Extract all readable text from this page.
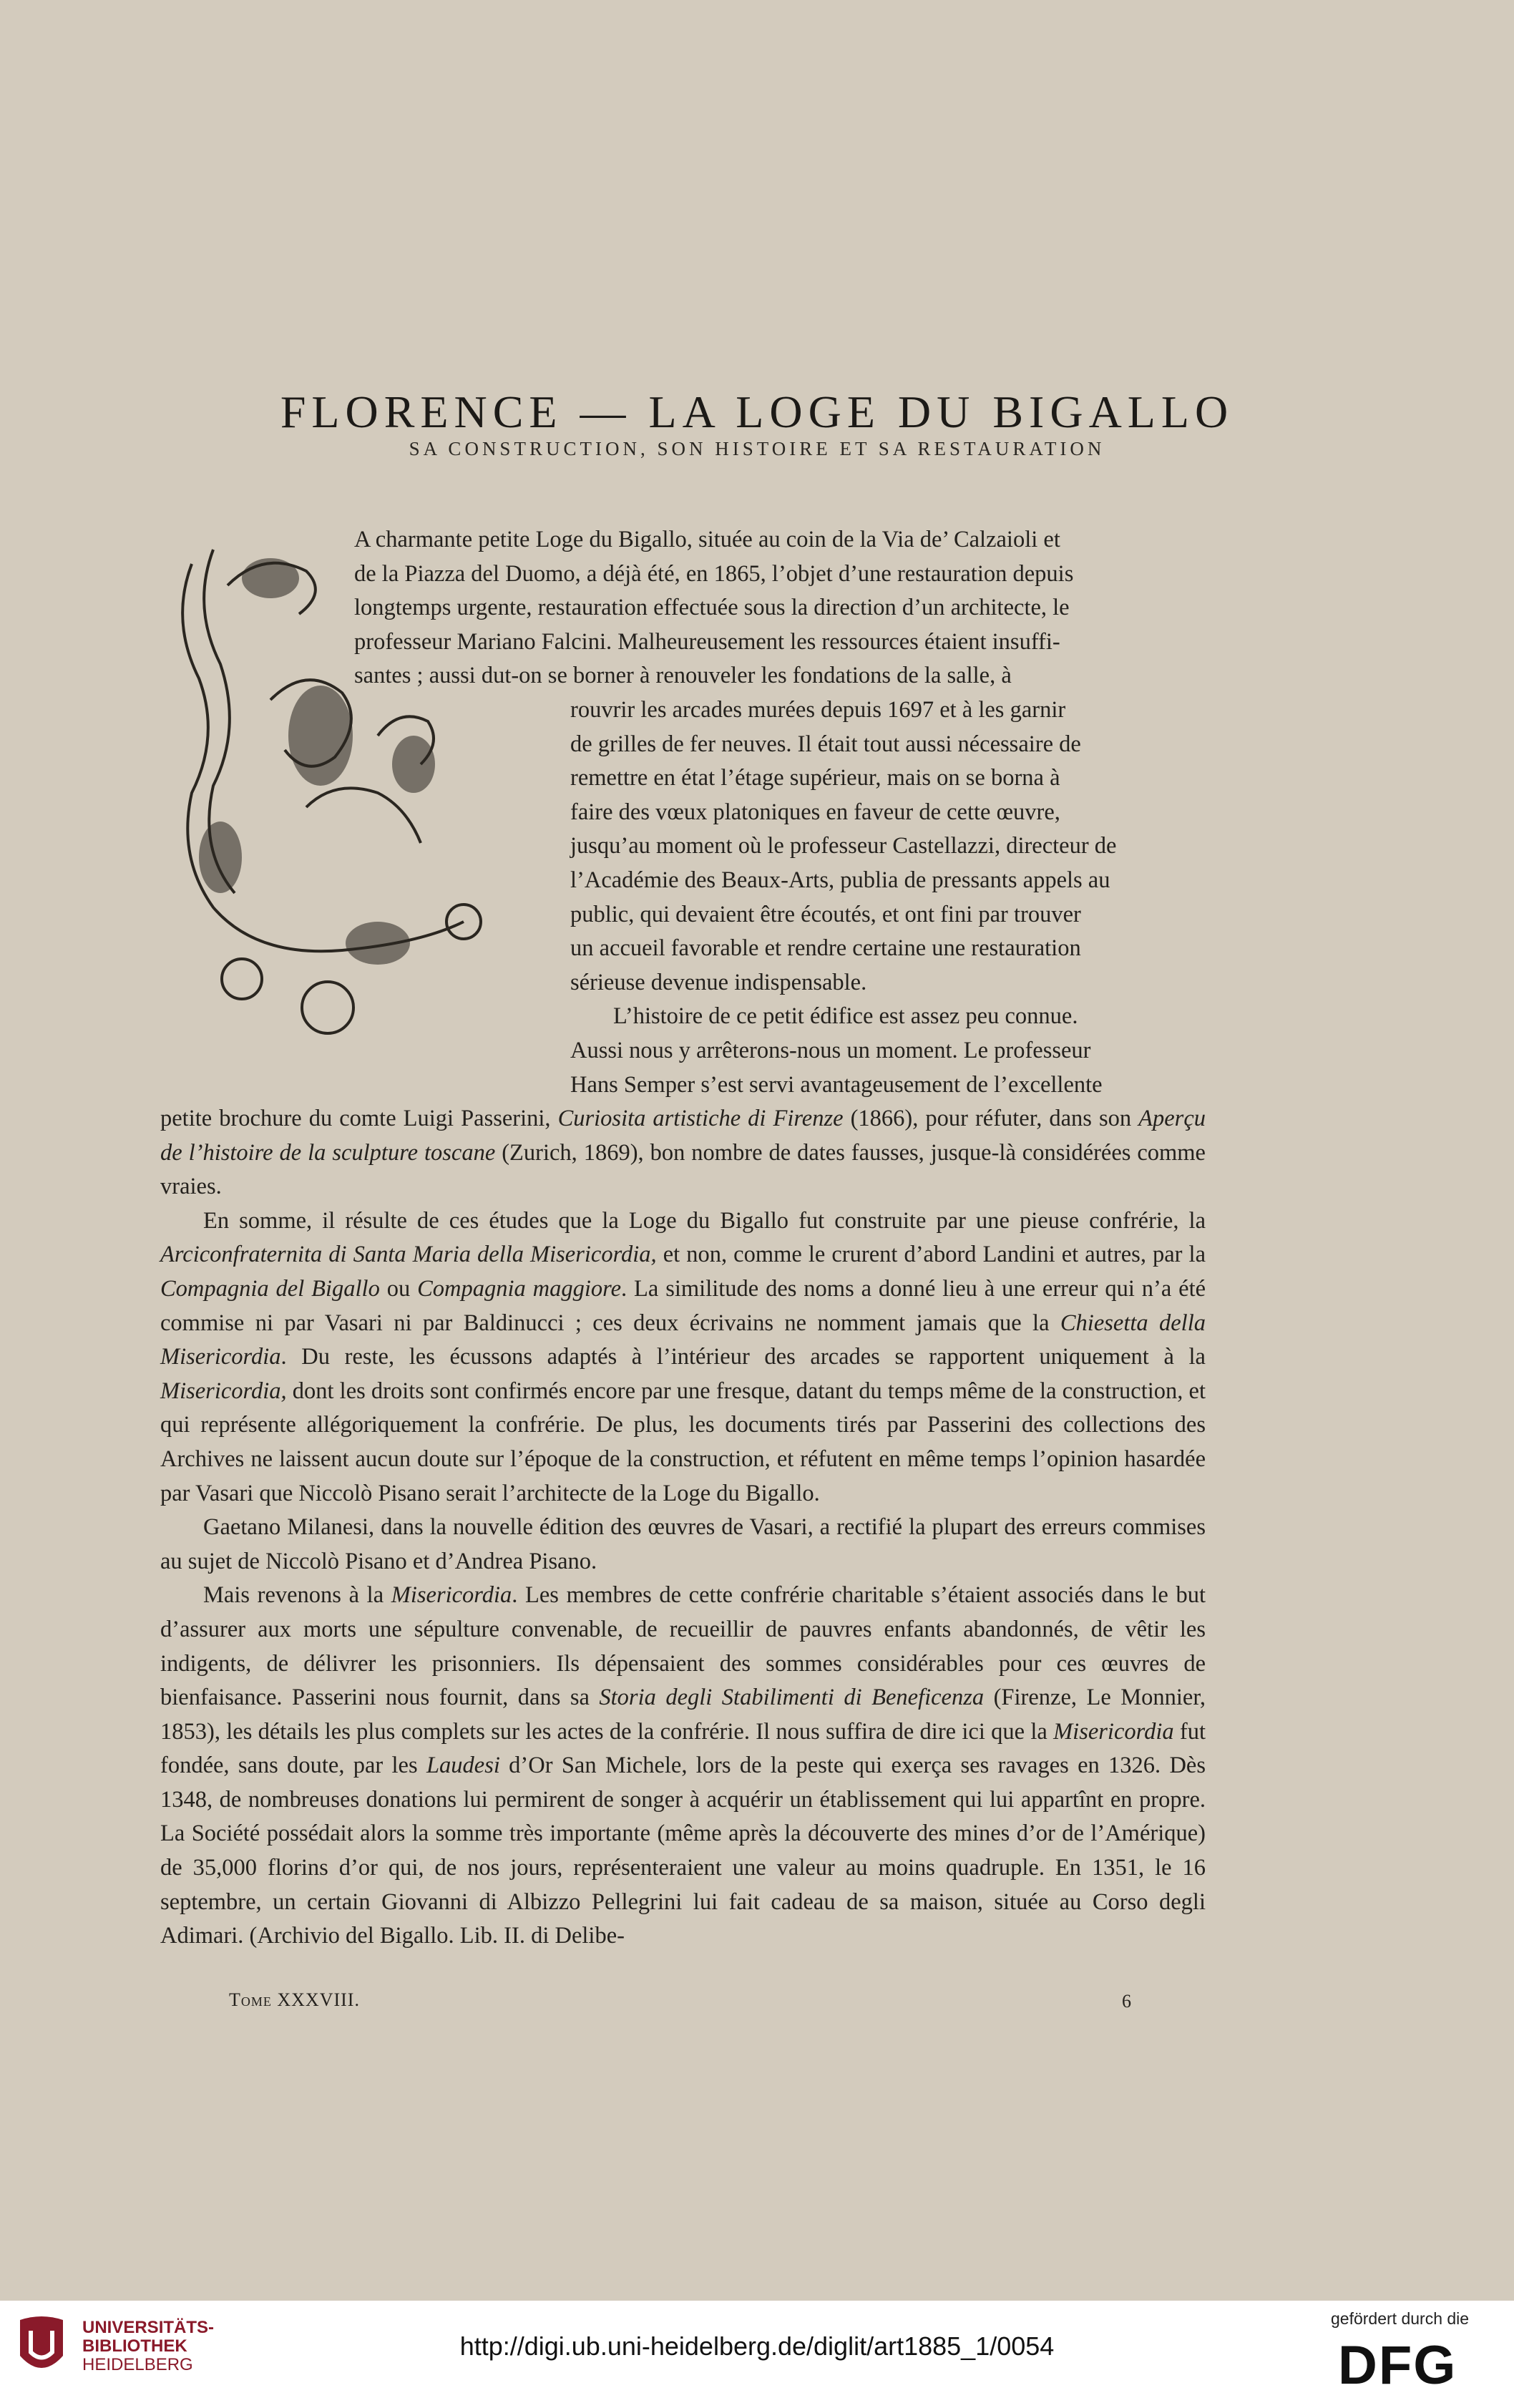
FLORENCE — LA LOGE DU BIGALLO
SA CONSTRUCTION, SON HISTOIRE ET SA RESTAURATION

A charmante petite Loge du Bigallo, située au coin de la Via de’ Calzaioli et

de la Piazza del Duomo, a déjà été, en 1865, l’objet d’une restauration depuis

longtemps urgente, restauration effectuée sous la direction d’un architecte, le

professeur Mariano Falcini. Malheureusement les ressources étaient insuffi-

santes ; aussi dut-on se borner à renouveler les fondations de la salle, à

rouvrir les arcades murées depuis 1697 et à les garnir

de grilles de fer neuves. Il était tout aussi nécessaire de

remettre en état l’étage supérieur, mais on se borna à

faire des vœux platoniques en faveur de cette œuvre,

jusqu’au moment où le professeur Castellazzi, directeur de

l’Académie des Beaux-Arts, publia de pressants appels au

public, qui devaient être écoutés, et ont fini par trouver

un accueil favorable et rendre certaine une restauration

sérieuse devenue indispensable.

L’histoire de ce petit édifice est assez peu connue.

Aussi nous y arrêterons-nous un moment. Le professeur

Hans Semper s’est servi avantageusement de l’excellente

petite brochure du comte Luigi Passerini, Curiosita artistiche di Firenze (1866), pour réfuter, dans son Aperçu de l’histoire de la sculpture toscane (Zurich, 1869), bon nombre de dates fausses, jusque-là considérées comme vraies.

En somme, il résulte de ces études que la Loge du Bigallo fut construite par une pieuse confrérie, la Arciconfraternita di Santa Maria della Misericordia, et non, comme le crurent d’abord Landini et autres, par la Compagnia del Bigallo ou Compagnia maggiore. La similitude des noms a donné lieu à une erreur qui n’a été commise ni par Vasari ni par Baldinucci ; ces deux écrivains ne nomment jamais que la Chiesetta della Misericordia. Du reste, les écussons adaptés à l’intérieur des arcades se rapportent uniquement à la Misericordia, dont les droits sont confirmés encore par une fresque, datant du temps même de la construction, et qui représente allégoriquement la confrérie. De plus, les documents tirés par Passerini des collections des Archives ne laissent aucun doute sur l’époque de la construction, et réfutent en même temps l’opinion hasardée par Vasari que Niccolò Pisano serait l’architecte de la Loge du Bigallo.

Gaetano Milanesi, dans la nouvelle édition des œuvres de Vasari, a rectifié la plupart des erreurs commises au sujet de Niccolò Pisano et d’Andrea Pisano.

Mais revenons à la Misericordia. Les membres de cette confrérie charitable s’étaient associés dans le but d’assurer aux morts une sépulture convenable, de recueillir de pauvres enfants abandonnés, de vêtir les indigents, de délivrer les prisonniers. Ils dépensaient des sommes considérables pour ces œuvres de bienfaisance. Passerini nous fournit, dans sa Storia degli Stabilimenti di Beneficenza (Firenze, Le Monnier, 1853), les détails les plus complets sur les actes de la confrérie. Il nous suffira de dire ici que la Misericordia fut fondée, sans doute, par les Laudesi d’Or San Michele, lors de la peste qui exerça ses ravages en 1326. Dès 1348, de nombreuses donations lui permirent de songer à acquérir un établissement qui lui appartînt en propre. La Société possédait alors la somme très importante (même après la découverte des mines d’or de l’Amérique) de 35,000 florins d’or qui, de nos jours, représenteraient une valeur au moins quadruple. En 1351, le 16 septembre, un certain Giovanni di Albizzo Pellegrini lui fait cadeau de sa maison, située au Corso degli Adimari. (Archivio del Bigallo. Lib. II. di Delibe-

Tome XXXVIII.	6
UNIVERSITÄTS-
BIBLIOTHEK
HEIDELBERG
http://digi.ub.uni-heidelberg.de/diglit/art1885_1/0054
gefördert durch die
DFG
